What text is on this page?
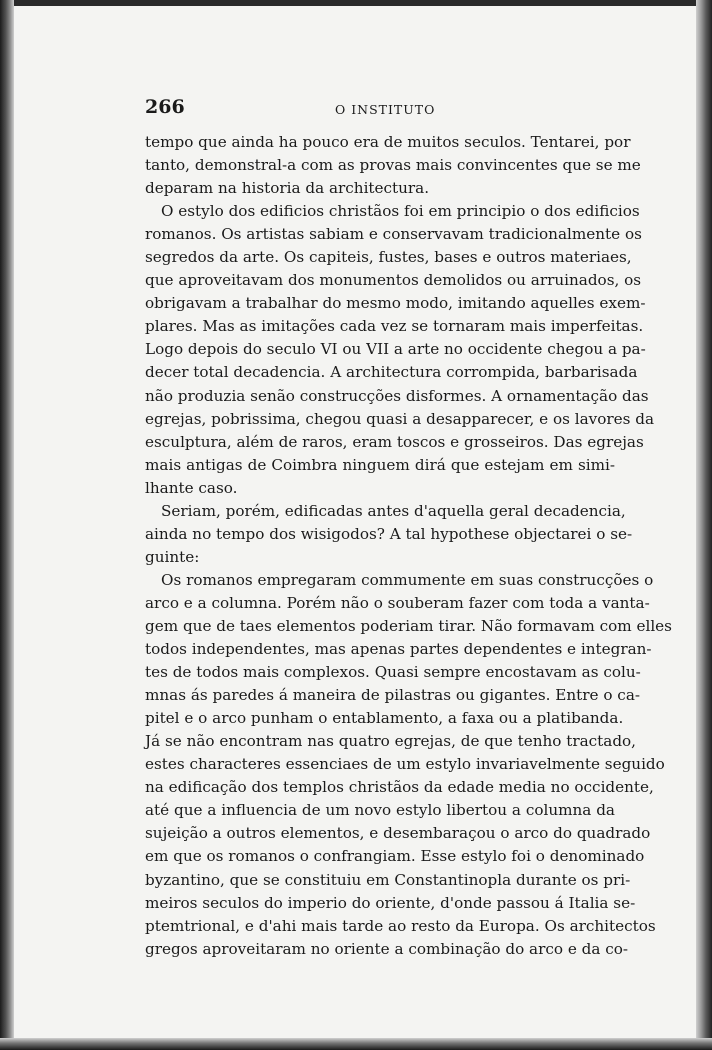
266	O INSTITUTO
tempo que ainda ha pouco era de muitos seculos. Tentarei, por
tanto, demonstral-a com as provas mais convincentes que se me
deparam na historia da architectura.
O estylo dos edificios christãos foi em principio o dos edificios
romanos. Os artistas sabiam e conservavam tradicionalmente os
segredos da arte. Os capiteis, fustes, bases e outros materiaes,
que aproveitavam dos monumentos demolidos ou arruinados, os
obrigavam a trabalhar do mesmo modo, imitando aquelles exem-
plares. Mas as imitações cada vez se tornaram mais imperfeitas.
Logo depois do seculo VI ou VII a arte no occidente chegou a pa-
decer total decadencia. A architectura corrompida, barbarisada
não produzia senão construcções disformes. A ornamentação das
egrejas, pobrissima, chegou quasi a desapparecer, e os lavores da
esculptura, além de raros, eram toscos e grosseiros. Das egrejas
mais antigas de Coimbra ninguem dirá que estejam em simi-
lhante caso.
Seriam, porém, edificadas antes d'aquella geral decadencia,
ainda no tempo dos wisigodos? A tal hypothese objectarei o se-
guinte:
Os romanos empregaram commumente em suas construcções o
arco e a columna. Porém não o souberam fazer com toda a vanta-
gem que de taes elementos poderiam tirar. Não formavam com elles
todos independentes, mas apenas partes dependentes e integran-
tes de todos mais complexos. Quasi sempre encostavam as colu-
mnas ás paredes á maneira de pilastras ou gigantes. Entre o ca-
pitel e o arco punham o entablamento, a faxa ou a platibanda.
Já se não encontram nas quatro egrejas, de que tenho tractado,
estes characteres essenciaes de um estylo invariavelmente seguido
na edificação dos templos christãos da edade media no occidente,
até que a influencia de um novo estylo libertou a columna da
sujeição a outros elementos, e desembaraçou o arco do quadrado
em que os romanos o confrangiam. Esse estylo foi o denominado
byzantino, que se constituiu em Constantinopla durante os pri-
meiros seculos do imperio do oriente, d'onde passou á Italia se-
ptemtrional, e d'ahi mais tarde ao resto da Europa. Os architectos
gregos aproveitaram no oriente a combinação do arco e da co-
